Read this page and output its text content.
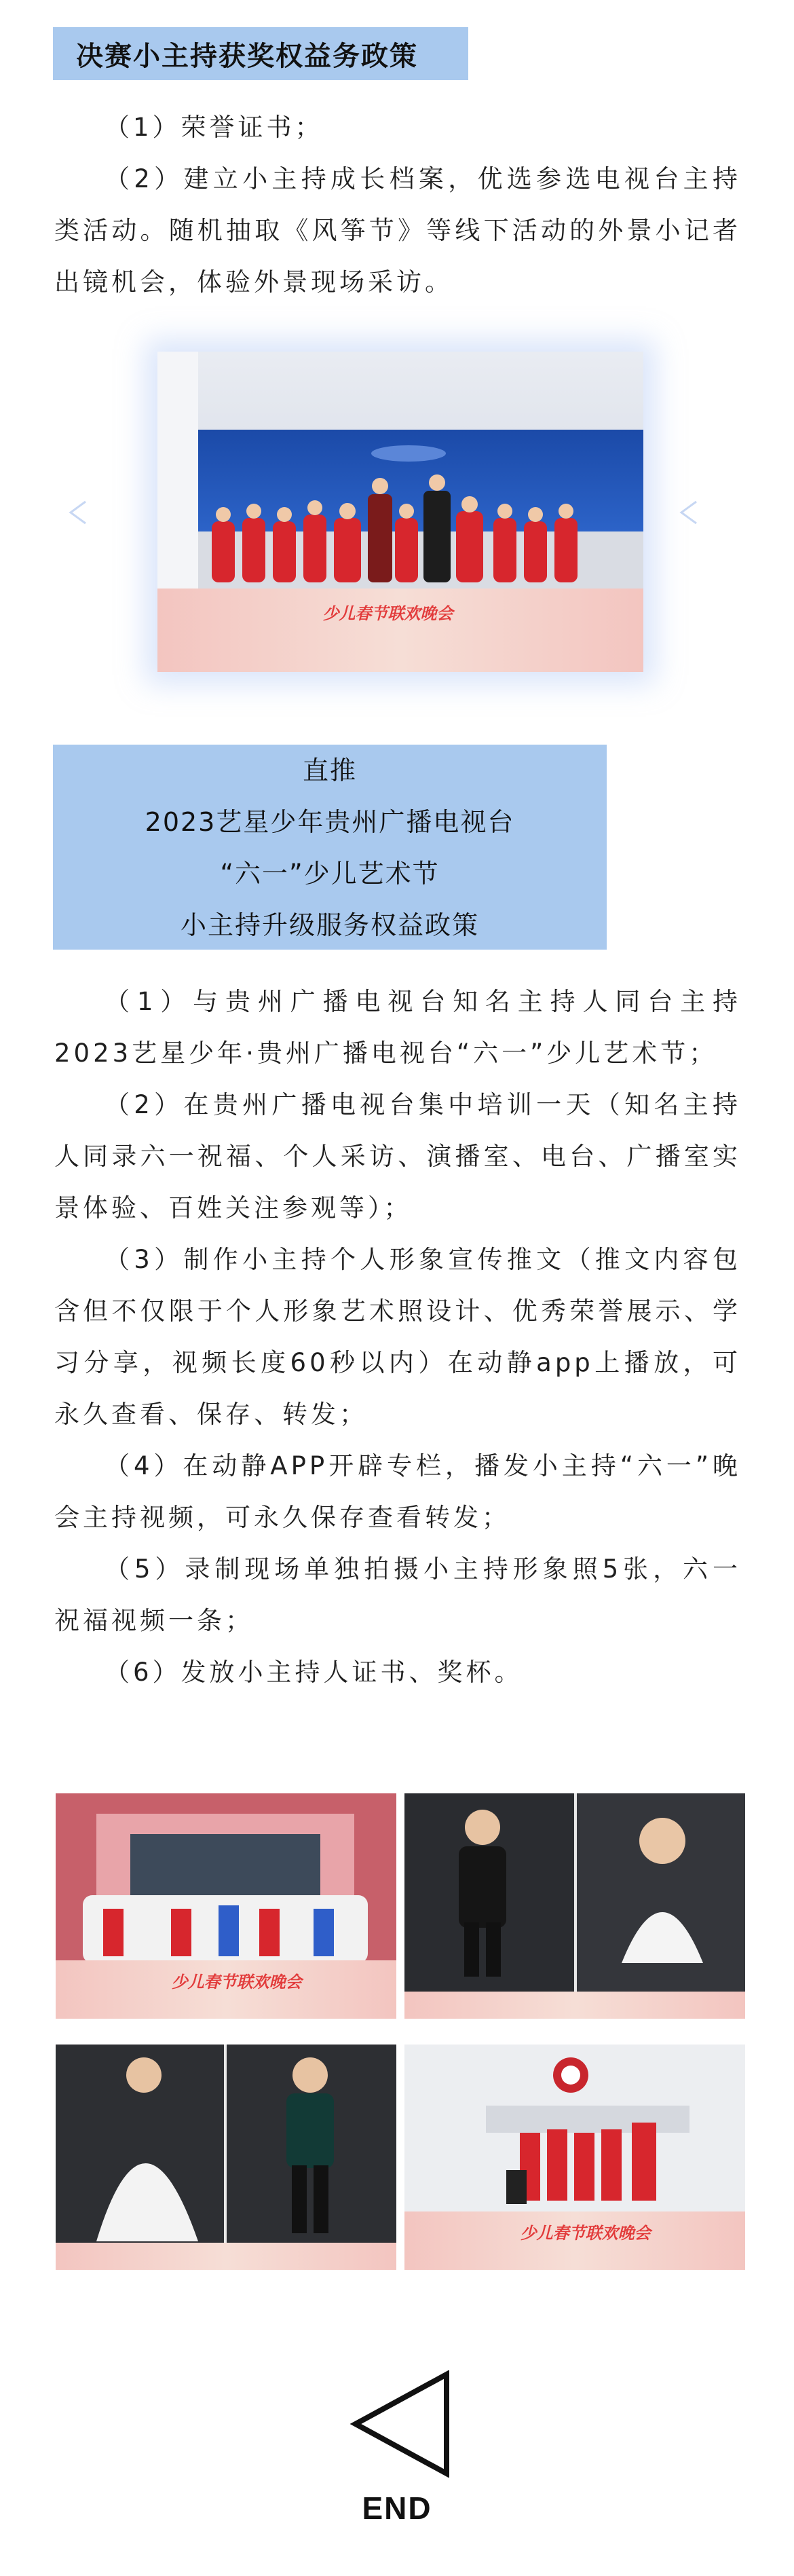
决赛小主持获奖权益务政策

（1）荣誉证书；

（2）建立小主持成长档案，优选参选电视台主持类活动。随机抽取《风筝节》等线下活动的外景小记者出镜机会，体验外景现场采访。

少儿春节联欢晚会
直推
2023艺星少年贵州广播电视台
“六一”少儿艺术节
小主持升级服务权益政策

（1）与贵州广播电视台知名主持人同台主持2023艺星少年·贵州广播电视台“六一”少儿艺术节；

（2）在贵州广播电视台集中培训一天（知名主持人同录六一祝福、个人采访、演播室、电台、广播室实景体验、百姓关注参观等）；

（3）制作小主持个人形象宣传推文（推文内容包含但不仅限于个人形象艺术照设计、优秀荣誉展示、学习分享，视频长度60秒以内）在动静app上播放，可永久查看、保存、转发；

（4）在动静APP开辟专栏，播发小主持“六一”晚会主持视频，可永久保存查看转发；

（5）录制现场单独拍摄小主持形象照5张，六一祝福视频一条；

（6）发放小主持人证书、奖杯。

少儿春节联欢晚会
少儿春节联欢晚会
END
